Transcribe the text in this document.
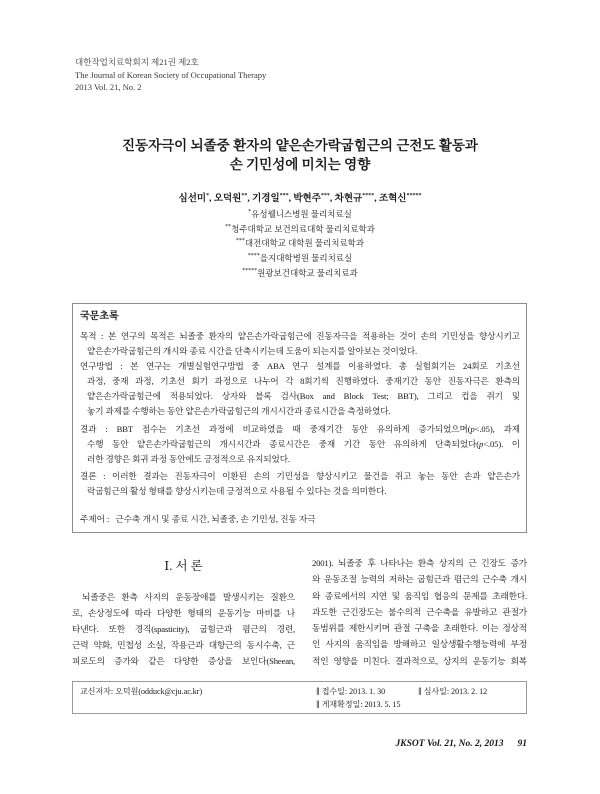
대한작업치료학회지 제21권 제2호
The Journal of Korean Society of Occupational Therapy
2013 Vol. 21, No. 2
진동자극이 뇌졸중 환자의 얕은손가락굽힘근의 근전도 활동과
손 기민성에 미치는 영향
심선미*, 오덕원**, 기경일***, 박현주***, 차현규****, 조혁신*****
*유성웰니스병원 물리치료실
**청주대학교 보건의료대학 물리치료학과
***대전대학교 대학원 물리치료학과
****을지대학병원 물리치료실
*****원광보건대학교 물리치료과
국문초록
목적 : 본 연구의 목적은 뇌졸중 환자의 얕은손가락굽힘근에 진동자극을 적용하는 것이 손의 기민성을 향상시키고
얕은손가락굽힘근의 개시와 종료 시간을 단축시키는데 도움이 되는지를 알아보는 것이었다.
연구방법 : 본 연구는 개별실험연구방법 중 ABA 연구 설계를 이용하였다. 총 실험회기는 24회로 기초선
과정, 중재 과정, 기초선 회기 과정으로 나누어 각 8회기씩 진행하였다. 중재기간 동안 진동자극은 환측의
얕은손가락굽힘근에 적용되었다. 상자와 블록 검사(Box and Block Test; BBT), 그리고 컵을 쥐기 및
놓기 과제를 수행하는 동안 얕은손가락굽힘근의 개시시간과 종료시간을 측정하였다.
결과 : BBT 점수는 기초선 과정에 비교하였을 때 중재기간 동안 유의하게 증가되었으며(p<.05), 과제
수행 동안 얕은손가락굽힘근의 개시시간과 종료시간은 중재 기간 동안 유의하게 단축되었다(p<.05). 이
러한 경향은 회귀 과정 동안에도 긍정적으로 유지되었다.
결론 : 이러한 결과는 진동자극이 이환된 손의 기민성을 향상시키고 물건을 쥐고 놓는 동안 손과 얕은손가
락굽힘근의 활성 형태를 향상시키는데 긍정적으로 사용될 수 있다는 것을 의미한다.
주제어 : 근수축 개시 및 종료 시간, 뇌졸중, 손 기민성, 진동 자극
Ⅰ. 서 론
뇌졸중은 환측 사지의 운동장애를 발생시키는 질환으
로, 손상정도에 따라 다양한 형태의 운동기능 마비를 나
타낸다. 또한 경직(spasticity), 굽힘근과 폄근의 경련,
근력 약화, 민첩성 소실, 작용근과 대항근의 동시수축, 근
피로도의 증가와 같은 다양한 증상을 보인다(Sheean,
2001). 뇌졸중 후 나타나는 환측 상지의 근 긴장도 증가
와 운동조절 능력의 저하는 굽힘근과 폄근의 근수축 개시
와 종료에서의 지연 및 움직임 협응의 문제를 초래한다.
과도한 근긴장도는 불수의적 근수축을 유발하고 관절가
동범위를 제한시키며 관절 구축을 초래한다. 이는 정상적
인 사지의 움직임을 방해하고 일상생활수행능력에 부정
적인 영향을 미친다. 결과적으로, 상지의 운동기능 회복
교신저자: 오덕원(odduck@cju.ac.kr)	∥ 접수일: 2013. 1. 30	∥ 심사일: 2013. 2. 12
∥ 게재확정일: 2013. 5. 15
JKSOT Vol. 21, No. 2, 2013 91
